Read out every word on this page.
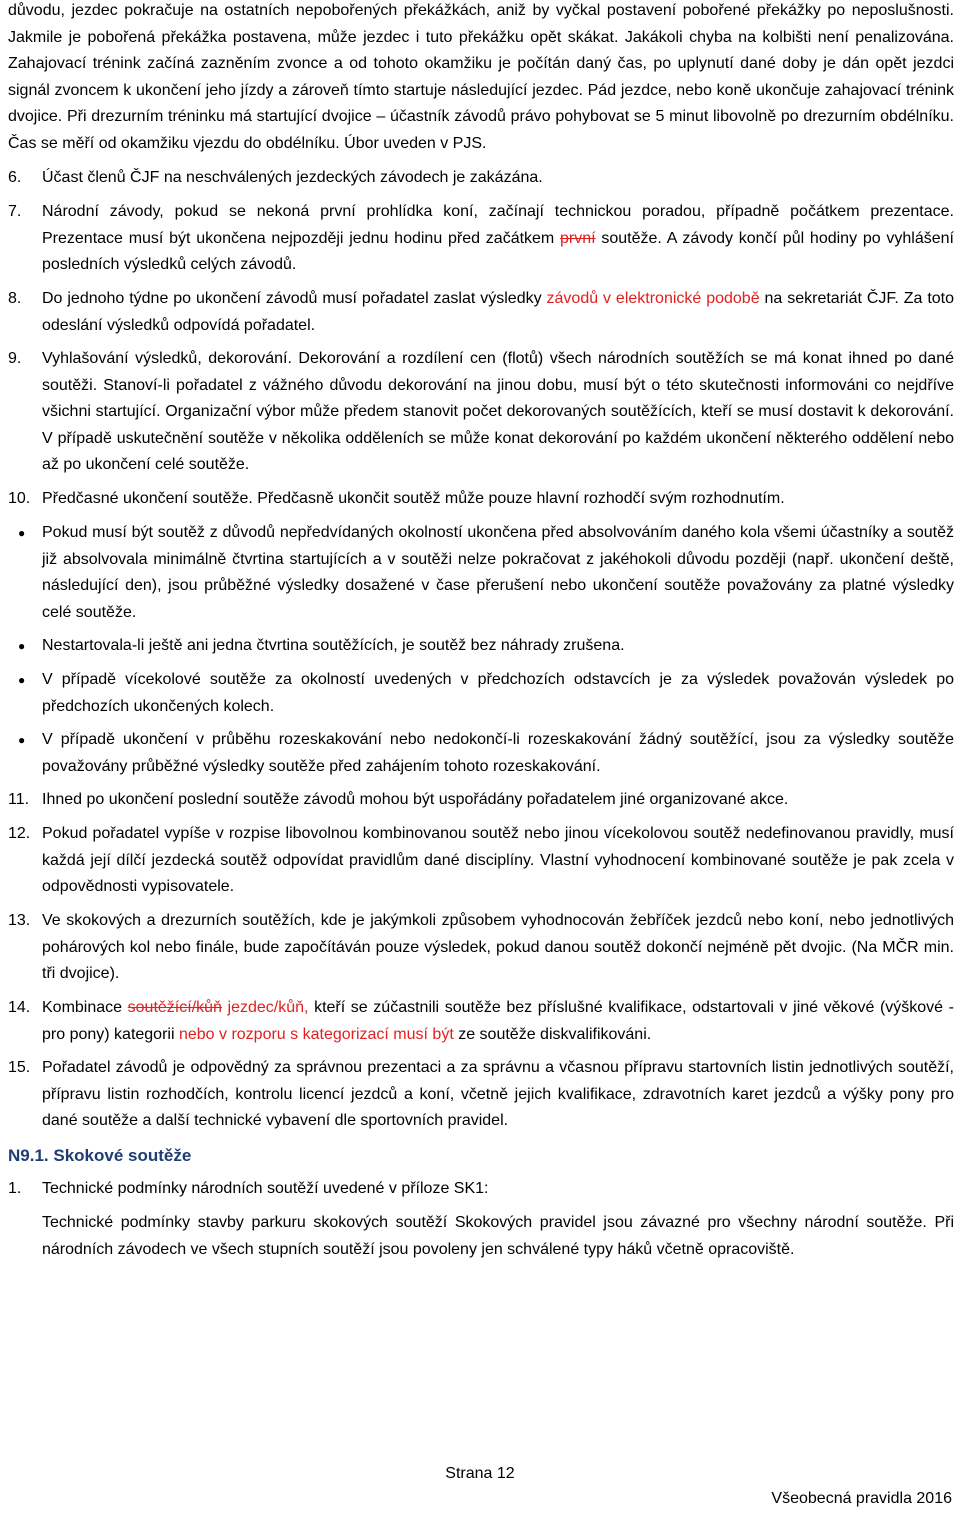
důvodu, jezdec pokračuje na ostatních nepobořených překážkách, aniž by vyčkal postavení pobořené překážky po neposlušnosti. Jakmile je pobořená překážka postavena, může jezdec i tuto překážku opět skákat. Jakákoli chyba na kolbišti není penalizována. Zahajovací trénink začíná zazněním zvonce a od tohoto okamžiku je počítán daný čas, po uplynutí dané doby je dán opět jezdci signál zvoncem k ukončení jeho jízdy a zároveň tímto startuje následující jezdec. Pád jezdce, nebo koně ukončuje zahajovací trénink dvojice. Při drezurním tréninku má startující dvojice – účastník závodů právo pohybovat se 5 minut libovolně po drezurním obdélníku. Čas se měří od okamžiku vjezdu do obdélníku. Úbor uveden v PJS.
6.	Účast členů ČJF na neschválených jezdeckých závodech je zakázána.
7.	Národní závody, pokud se nekoná první prohlídka koní, začínají technickou poradou, případně počátkem prezentace. Prezentace musí být ukončena nejpozději jednu hodinu před začátkem první soutěže. A závody končí půl hodiny po vyhlášení posledních výsledků celých závodů.
8.	Do jednoho týdne po ukončení závodů musí pořadatel zaslat výsledky závodů v elektronické podobě na sekretariát ČJF. Za toto odeslání výsledků odpovídá pořadatel.
9.	Vyhlašování výsledků, dekorování. Dekorování a rozdílení cen (flotů) všech národních soutěžích se má konat ihned po dané soutěži. Stanoví-li pořadatel z vážného důvodu dekorování na jinou dobu, musí být o této skutečnosti informováni co nejdříve všichni startující. Organizační výbor může předem stanovit počet dekorovaných soutěžících, kteří se musí dostavit k dekorování. V případě uskutečnění soutěže v několika odděleních se může konat dekorování po každém ukončení některého oddělení nebo až po ukončení celé soutěže.
10. Předčasné ukončení soutěže. Předčasně ukončit soutěž může pouze hlavní rozhodčí svým rozhodnutím.
● Pokud musí být soutěž z důvodů nepředvídaných okolností ukončena před absolvováním daného kola všemi účastníky a soutěž již absolvovala minimálně čtvrtina startujících a v soutěži nelze pokračovat z jakéhokoli důvodu později (např. ukončení deště, následující den), jsou průběžné výsledky dosažené v čase přerušení nebo ukončení soutěže považovány za platné výsledky celé soutěže.
● Nestartovala-li ještě ani jedna čtvrtina soutěžících, je soutěž bez náhrady zrušena.
● V případě vícekolové soutěže za okolností uvedených v předchozích odstavcích je za výsledek považován výsledek po předchozích ukončených kolech.
● V případě ukončení v průběhu rozeskakování nebo nedokončí-li rozeskakování žádný soutěžící, jsou za výsledky soutěže považovány průběžné výsledky soutěže před zahájením tohoto rozeskakování.
11. Ihned po ukončení poslední soutěže závodů mohou být uspořádány pořadatelem jiné organizované akce.
12. Pokud pořadatel vypíše v rozpise libovolnou kombinovanou soutěž nebo jinou vícekolovou soutěž nedefinovanou pravidly, musí každá její dílčí jezdecká soutěž odpovídat pravidlům dané disciplíny. Vlastní vyhodnocení kombinované soutěže je pak zcela v odpovědnosti vypisovatele.
13. Ve skokových a drezurních soutěžích, kde je jakýmkoli způsobem vyhodnocován žebříček jezdců nebo koní, nebo jednotlivých pohárových kol nebo finále, bude započítáván pouze výsledek, pokud danou soutěž dokončí nejméně pět dvojic. (Na MČR min. tři dvojice).
14. Kombinace soutěžící/kůň jezdec/kůň, kteří se zúčastnili soutěže bez příslušné kvalifikace, odstartovali v jiné věkové (výškové - pro pony) kategorii nebo v rozporu s kategorizací musí být ze soutěže diskvalifikováni.
15. Pořadatel závodů je odpovědný za správnou prezentaci a za správnu a včasnou přípravu startovních listin jednotlivých soutěží, přípravu listin rozhodčích, kontrolu licencí jezdců a koní, včetně jejich kvalifikace, zdravotních karet jezdců a výšky pony pro dané soutěže a další technické vybavení dle sportovních pravidel.
N9.1. Skokové soutěže
1.	Technické podmínky národních soutěží uvedené v příloze SK1:
Technické podmínky stavby parkuru skokových soutěží Skokových pravidel jsou závazné pro všechny národní soutěže. Při národních závodech ve všech stupních soutěží jsou povoleny jen schválené typy háků včetně opracoviště.
Strana 12
Všeobecná pravidla 2016
